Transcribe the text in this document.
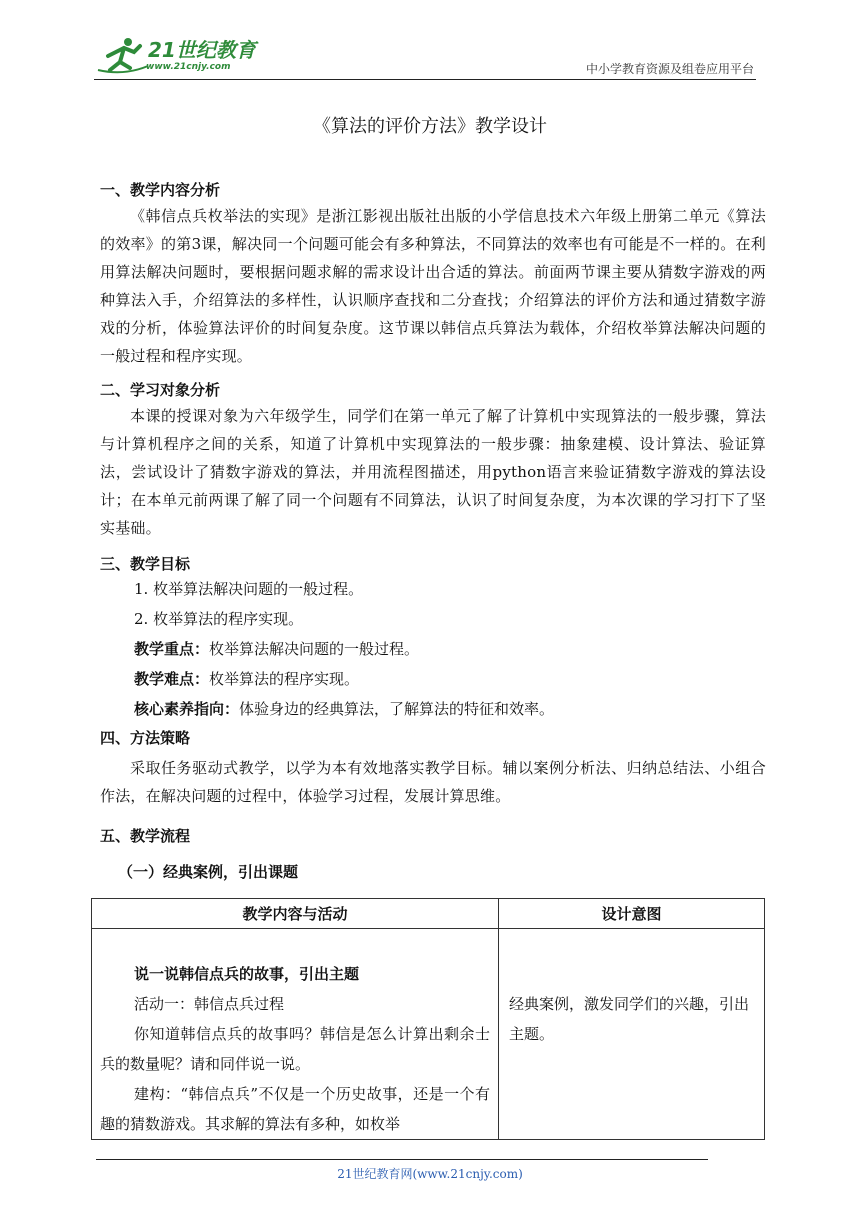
21世纪教育
www.21cnjy.com	中小学教育资源及组卷应用平台
《算法的评价方法》教学设计
一、教学内容分析

《韩信点兵枚举法的实现》是浙江影视出版社出版的小学信息技术六年级上册第二单元《算法的效率》的第3课，解决同一个问题可能会有多种算法，不同算法的效率也有可能是不一样的。在利用算法解决问题时，要根据问题求解的需求设计出合适的算法。前面两节课主要从猜数字游戏的两种算法入手，介绍算法的多样性，认识顺序查找和二分查找；介绍算法的评价方法和通过猜数字游戏的分析，体验算法评价的时间复杂度。这节课以韩信点兵算法为载体，介绍枚举算法解决问题的一般过程和程序实现。

二、学习对象分析

本课的授课对象为六年级学生，同学们在第一单元了解了计算机中实现算法的一般步骤，算法与计算机程序之间的关系，知道了计算机中实现算法的一般步骤：抽象建模、设计算法、验证算法，尝试设计了猜数字游戏的算法，并用流程图描述，用python语言来验证猜数字游戏的算法设计；在本单元前两课了解了同一个问题有不同算法，认识了时间复杂度，为本次课的学习打下了坚实基础。

三、教学目标
1. 枚举算法解决问题的一般过程。
2. 枚举算法的程序实现。
教学重点：枚举算法解决问题的一般过程。
教学难点：枚举算法的程序实现。
核心素养指向：体验身边的经典算法，了解算法的特征和效率。
四、方法策略

采取任务驱动式教学，以学为本有效地落实教学目标。辅以案例分析法、归纳总结法、小组合作法，在解决问题的过程中，体验学习过程，发展计算思维。

五、教学流程
（一）经典案例，引出课题
教学内容与活动	设计意图

说一说韩信点兵的故事，引出主题
活动一：韩信点兵过程
你知道韩信点兵的故事吗？韩信是怎么计算出剩余士兵的数量呢？请和同伴说一说。
建构：“韩信点兵”不仅是一个历史故事，还是一个有趣的猜数游戏。其求解的算法有多种，如枚举	经典案例，激发同学们的兴趣，引出主题。
21世纪教育网(www.21cnjy.com)
